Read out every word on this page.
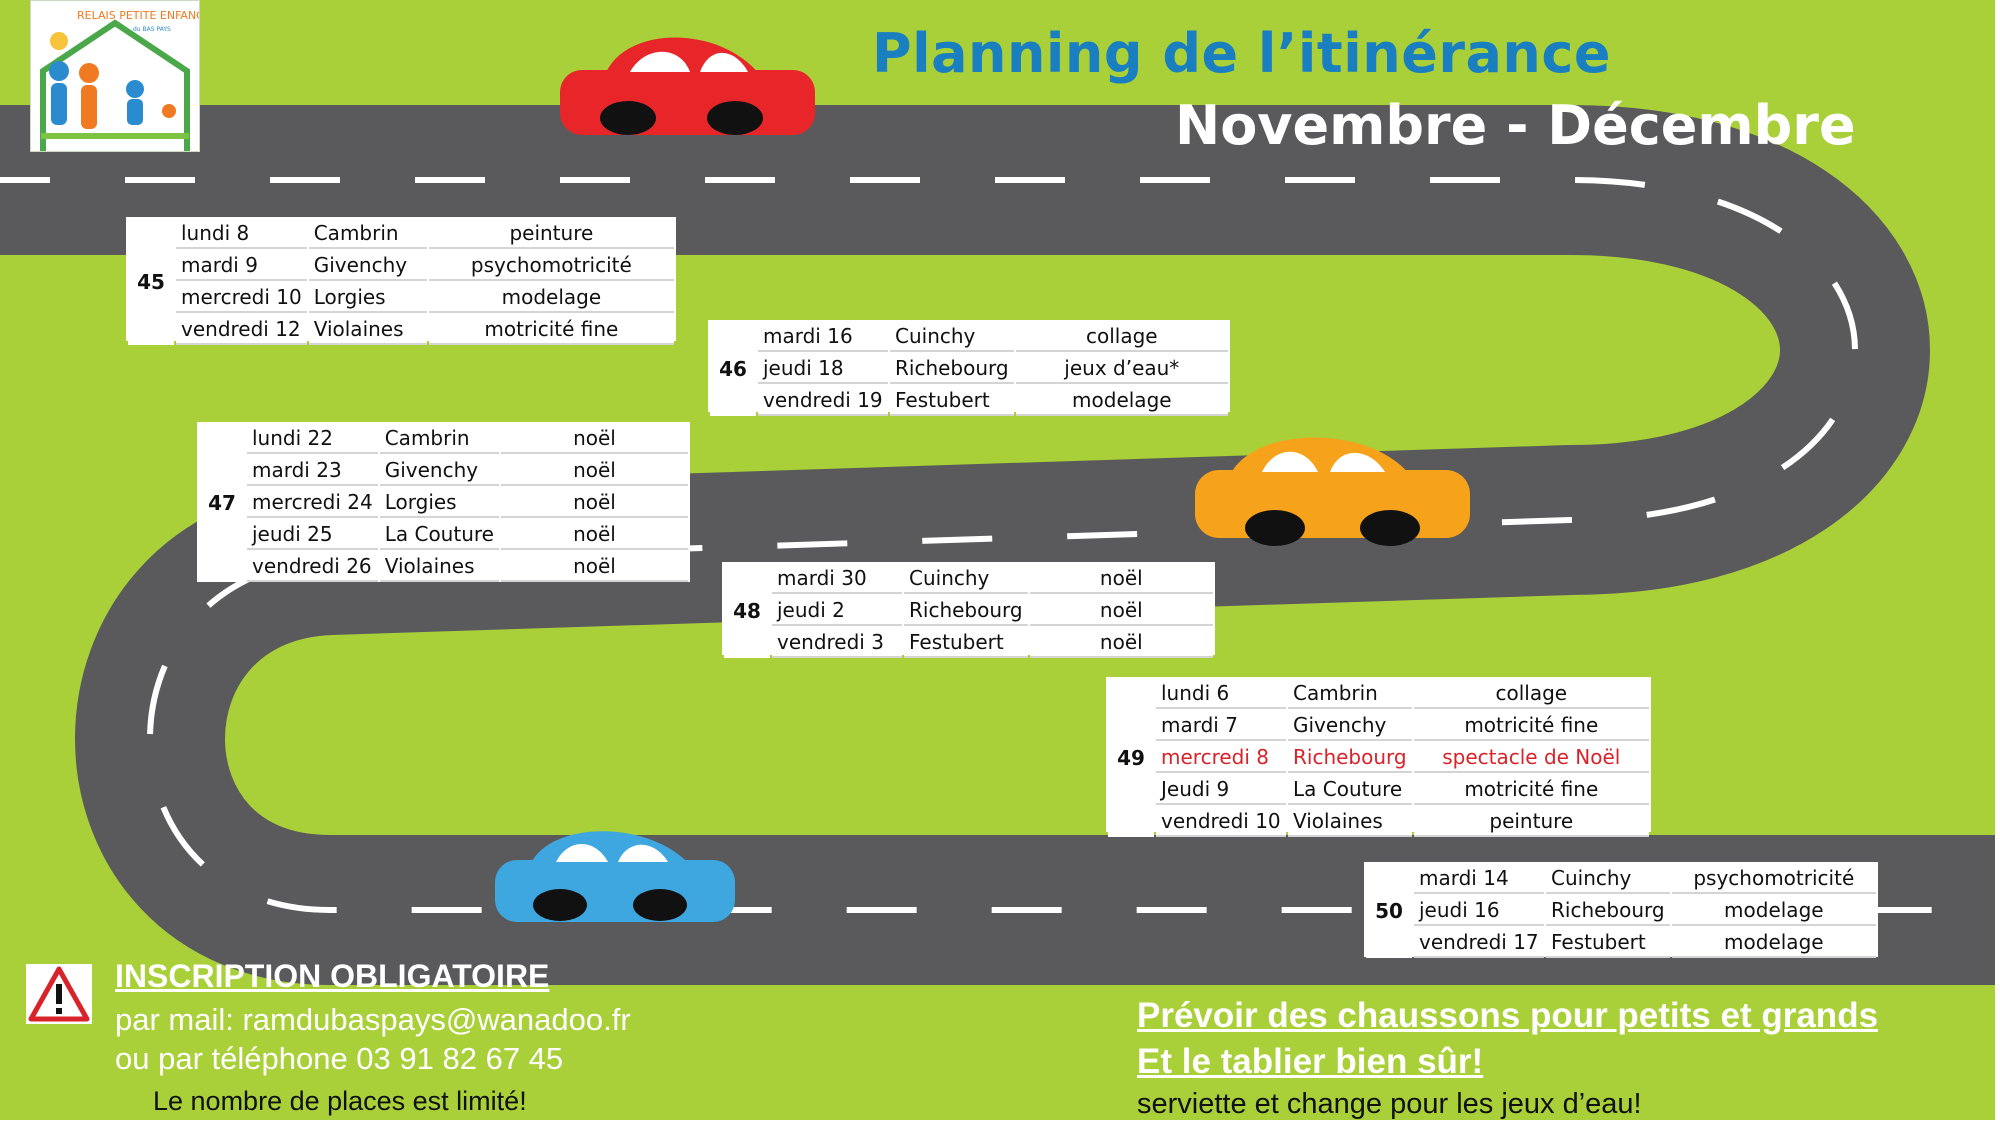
RELAIS PETITE ENFANCE
du BAS PAYS	Planning de l’itinérance
Novembre - Décembre
45	lundi 8	Cambrin	peinture
	mardi 9	Givenchy	psychomotricité
	mercredi 10	Lorgies	modelage
	vendredi 12	Violaines	motricité fine
46	mardi 16	Cuinchy	collage
	jeudi 18	Richebourg	jeux d’eau*
	vendredi 19	Festubert	modelage
47	lundi 22	Cambrin	noël
	mardi 23	Givenchy	noël
	mercredi 24	Lorgies	noël
	jeudi 25	La Couture	noël
	vendredi 26	Violaines	noël
48	mardi 30	Cuinchy	noël
	jeudi 2	Richebourg	noël
	vendredi 3	Festubert	noël
49	lundi 6	Cambrin	collage
	mardi 7	Givenchy	motricité fine
	mercredi 8	Richebourg	spectacle de Noël
	Jeudi 9	La Couture	motricité fine
	vendredi 10	Violaines	peinture
50	mardi 14	Cuinchy	psychomotricité
	jeudi 16	Richebourg	modelage
	vendredi 17	Festubert	modelage
INSCRIPTION OBLIGATOIRE
par mail: ramdubaspays@wanadoo.fr
ou par téléphone 03 91 82 67 45
Le nombre de places est limité!
Prévoir des chaussons pour petits et grands
Et le tablier bien sûr!
serviette et change pour les jeux d’eau!
